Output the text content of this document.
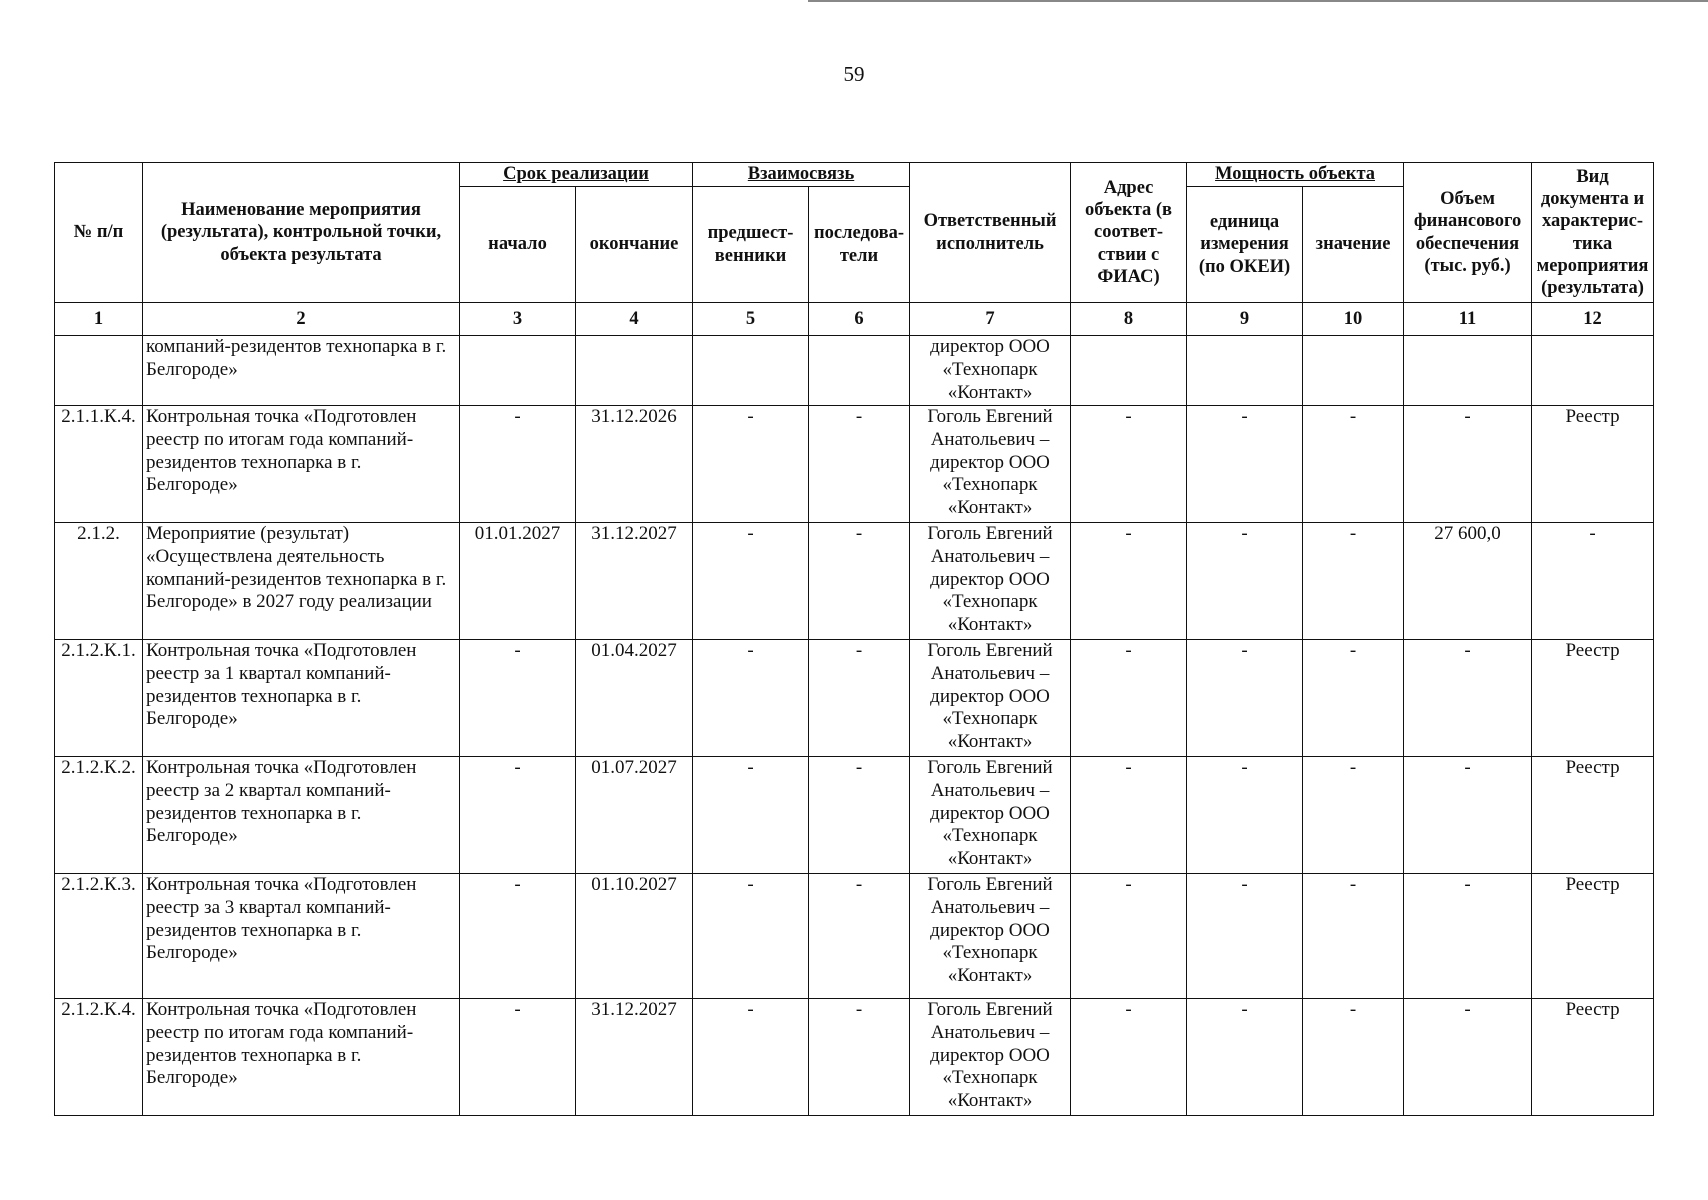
59
№ п/п	Наименование мероприятия (результата), контрольной точки, объекта результата	Срок реализации		Взаимосвязь		Ответственный исполнитель	Адрес объекта (в соответ-ствии с ФИАС)	Мощность объекта		Объем финансового обеспечения (тыс. руб.)	Вид документа и характерис-тика мероприятия (результата)
		начало	окончание	предшест-венники	последова-тели			единица измерения (по ОКЕИ)	значение		
1	2	3	4	5	6	7	8	9	10	11	12
	компаний-резидентов технопарка в г. Белгороде»					директор ООО «Технопарк «Контакт»					
2.1.1.К.4.	Контрольная точка «Подготовлен реестр по итогам года компаний-резидентов технопарка в г. Белгороде»	-	31.12.2026	-	-	Гоголь Евгений Анатольевич – директор ООО «Технопарк «Контакт»	-	-	-	-	Реестр
2.1.2.	Мероприятие (результат) «Осуществлена деятельность компаний-резидентов технопарка в г. Белгороде» в 2027 году реализации	01.01.2027	31.12.2027	-	-	Гоголь Евгений Анатольевич – директор ООО «Технопарк «Контакт»	-	-	-	27 600,0	-
2.1.2.К.1.	Контрольная точка «Подготовлен реестр за 1 квартал компаний-резидентов технопарка в г. Белгороде»	-	01.04.2027	-	-	Гоголь Евгений Анатольевич – директор ООО «Технопарк «Контакт»	-	-	-	-	Реестр
2.1.2.К.2.	Контрольная точка «Подготовлен реестр за 2 квартал компаний-резидентов технопарка в г. Белгороде»	-	01.07.2027	-	-	Гоголь Евгений Анатольевич – директор ООО «Технопарк «Контакт»	-	-	-	-	Реестр
2.1.2.К.3.	Контрольная точка «Подготовлен реестр за 3 квартал компаний-резидентов технопарка в г. Белгороде»	-	01.10.2027	-	-	Гоголь Евгений Анатольевич – директор ООО «Технопарк «Контакт»	-	-	-	-	Реестр
2.1.2.К.4.	Контрольная точка «Подготовлен реестр по итогам года компаний-резидентов технопарка в г. Белгороде»	-	31.12.2027	-	-	Гоголь Евгений Анатольевич – директор ООО «Технопарк «Контакт»	-	-	-	-	Реестр
